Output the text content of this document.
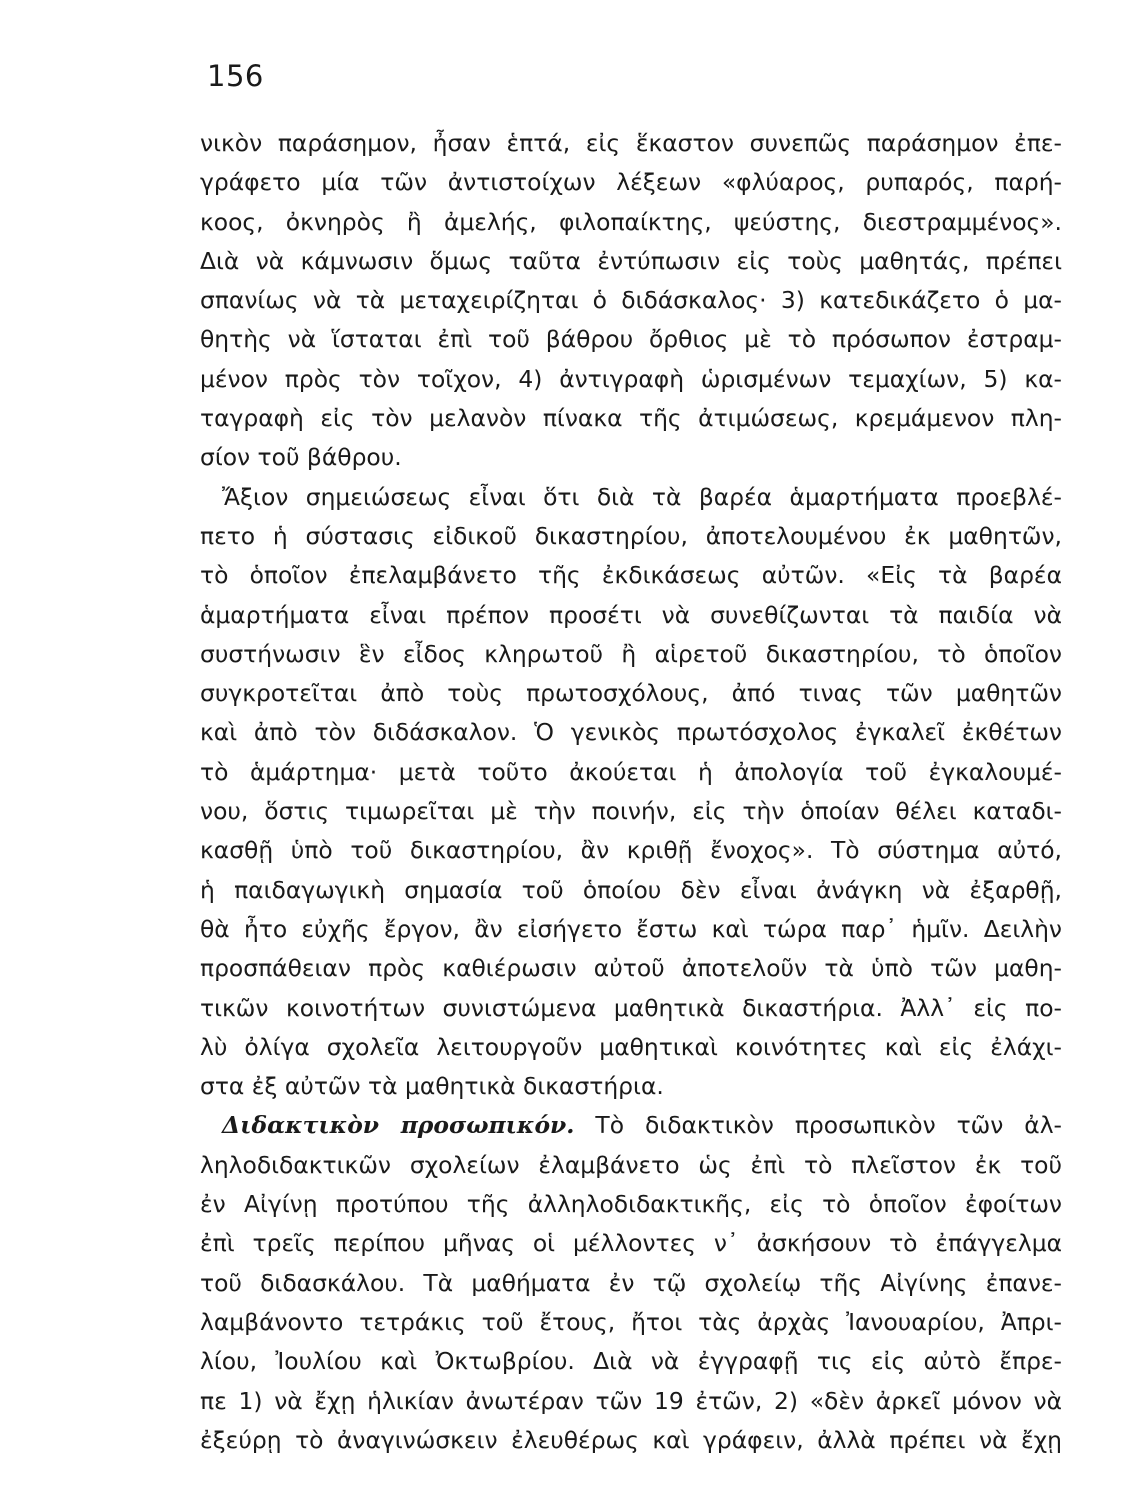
156
νικὸν παράσημον, ἦσαν ἑπτά, εἰς ἕκαστον συνεπῶς παράσημον ἐπε-
γράφετο μία τῶν ἀντιστοίχων λέξεων «φλύαρος, ρυπαρός, παρή-
κοος, ὀκνηρὸς ἢ ἀμελής, φιλοπαίκτης, ψεύστης, διεστραμμένος».
Διὰ νὰ κάμνωσιν ὅμως ταῦτα ἐντύπωσιν εἰς τοὺς μαθητάς, πρέπει
σπανίως νὰ τὰ μεταχειρίζηται ὁ διδάσκαλος· 3) κατεδικάζετο ὁ μα-
θητὴς νὰ ἵσταται ἐπὶ τοῦ βάθρου ὄρθιος μὲ τὸ πρόσωπον ἐστραμ-
μένον πρὸς τὸν τοῖχον, 4) ἀντιγραφὴ ὡρισμένων τεμαχίων, 5) κα-
ταγραφὴ εἰς τὸν μελανὸν πίνακα τῆς ἀτιμώσεως, κρεμάμενον πλη-
σίον τοῦ βάθρου.
Ἄξιον σημειώσεως εἶναι ὅτι διὰ τὰ βαρέα ἁμαρτήματα προεβλέ-
πετο ἡ σύστασις εἰδικοῦ δικαστηρίου, ἀποτελουμένου ἐκ μαθητῶν,
τὸ ὁποῖον ἐπελαμβάνετο τῆς ἐκδικάσεως αὐτῶν. «Εἰς τὰ βαρέα
ἁμαρτήματα εἶναι πρέπον προσέτι νὰ συνεθίζωνται τὰ παιδία νὰ
συστήνωσιν ἓν εἶδος κληρωτοῦ ἢ αἱρετοῦ δικαστηρίου, τὸ ὁποῖον
συγκροτεῖται ἀπὸ τοὺς πρωτοσχόλους, ἀπό τινας τῶν μαθητῶν
καὶ ἀπὸ τὸν διδάσκαλον. Ὁ γενικὸς πρωτόσχολος ἐγκαλεῖ ἐκθέτων
τὸ ἁμάρτημα· μετὰ τοῦτο ἀκούεται ἡ ἀπολογία τοῦ ἐγκαλουμέ-
νου, ὅστις τιμωρεῖται μὲ τὴν ποινήν, εἰς τὴν ὁποίαν θέλει καταδι-
κασθῇ ὑπὸ τοῦ δικαστηρίου, ἂν κριθῇ ἔνοχος». Τὸ σύστημα αὐτό,
ἡ παιδαγωγικὴ σημασία τοῦ ὁποίου δὲν εἶναι ἀνάγκη νὰ ἐξαρθῇ,
θὰ ἦτο εὐχῆς ἔργον, ἂν εἰσήγετο ἔστω καὶ τώρα παρ᾽ ἡμῖν. Δειλὴν
προσπάθειαν πρὸς καθιέρωσιν αὐτοῦ ἀποτελοῦν τὰ ὑπὸ τῶν μαθη-
τικῶν κοινοτήτων συνιστώμενα μαθητικὰ δικαστήρια. Ἀλλ᾽ εἰς πο-
λὺ ὀλίγα σχολεῖα λειτουργοῦν μαθητικαὶ κοινότητες καὶ εἰς ἐλάχι-
στα ἐξ αὐτῶν τὰ μαθητικὰ δικαστήρια.
Διδακτικὸν προσωπικόν. Τὸ διδακτικὸν προσωπικὸν τῶν ἀλ-
ληλοδιδακτικῶν σχολείων ἐλαμβάνετο ὡς ἐπὶ τὸ πλεῖστον ἐκ τοῦ
ἐν Αἰγίνῃ προτύπου τῆς ἀλληλοδιδακτικῆς, εἰς τὸ ὁποῖον ἐφοίτων
ἐπὶ τρεῖς περίπου μῆνας οἱ μέλλοντες ν᾽ ἀσκήσουν τὸ ἐπάγγελμα
τοῦ διδασκάλου. Τὰ μαθήματα ἐν τῷ σχολείῳ τῆς Αἰγίνης ἐπανε-
λαμβάνοντο τετράκις τοῦ ἔτους, ἤτοι τὰς ἀρχὰς Ἰανουαρίου, Ἀπρι-
λίου, Ἰουλίου καὶ Ὀκτωβρίου. Διὰ νὰ ἐγγραφῇ τις εἰς αὐτὸ ἔπρε-
πε 1) νὰ ἔχῃ ἡλικίαν ἀνωτέραν τῶν 19 ἐτῶν, 2) «δὲν ἀρκεῖ μόνον νὰ
ἐξεύρῃ τὸ ἀναγινώσκειν ἐλευθέρως καὶ γράφειν, ἀλλὰ πρέπει νὰ ἔχῃ
